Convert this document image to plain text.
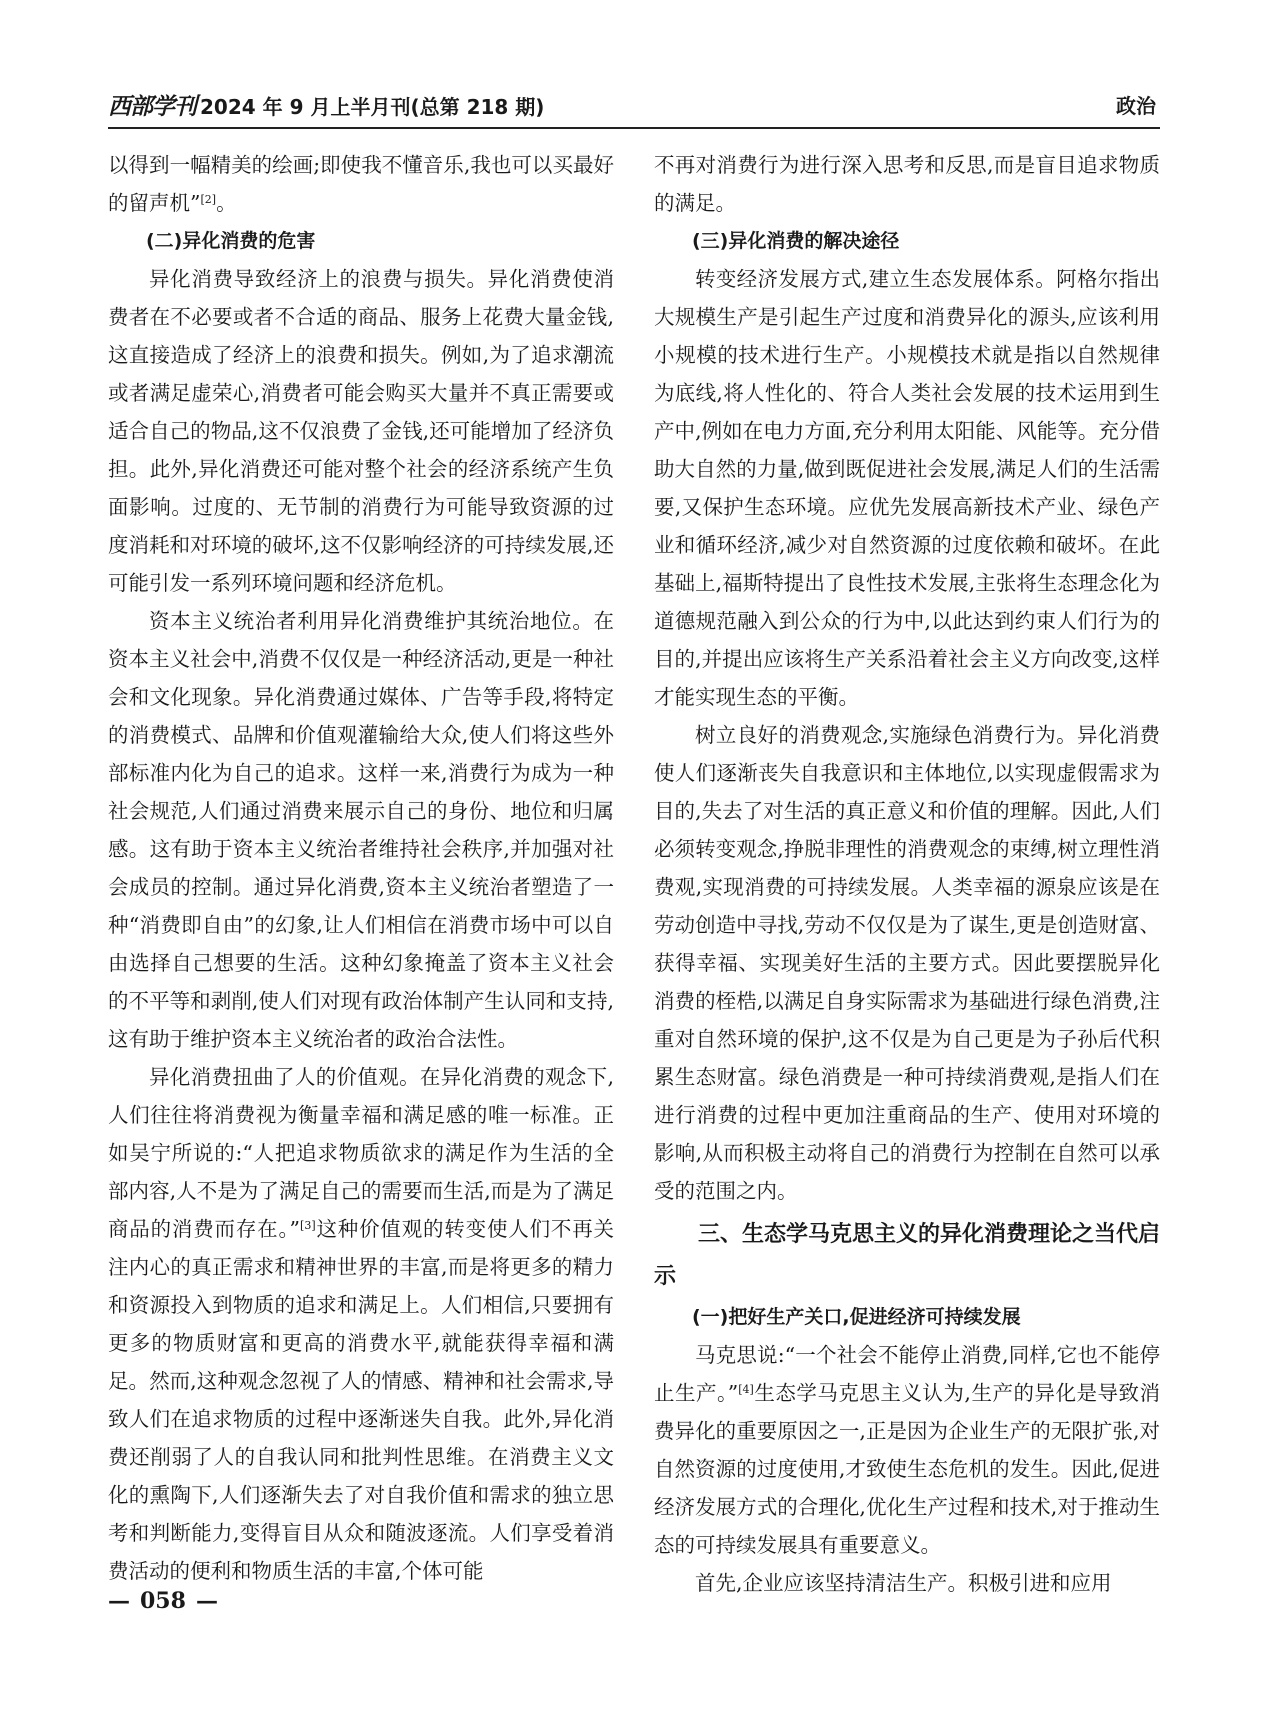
西部学刊 2024 年 9 月上半月刊(总第 218 期)	政治

以得到一幅精美的绘画;即使我不懂音乐,我也可以买最好的留声机”[2]。

(二)异化消费的危害

异化消费导致经济上的浪费与损失。异化消费使消费者在不必要或者不合适的商品、服务上花费大量金钱,这直接造成了经济上的浪费和损失。例如,为了追求潮流或者满足虚荣心,消费者可能会购买大量并不真正需要或适合自己的物品,这不仅浪费了金钱,还可能增加了经济负担。此外,异化消费还可能对整个社会的经济系统产生负面影响。过度的、无节制的消费行为可能导致资源的过度消耗和对环境的破坏,这不仅影响经济的可持续发展,还可能引发一系列环境问题和经济危机。

资本主义统治者利用异化消费维护其统治地位。在资本主义社会中,消费不仅仅是一种经济活动,更是一种社会和文化现象。异化消费通过媒体、广告等手段,将特定的消费模式、品牌和价值观灌输给大众,使人们将这些外部标准内化为自己的追求。这样一来,消费行为成为一种社会规范,人们通过消费来展示自己的身份、地位和归属感。这有助于资本主义统治者维持社会秩序,并加强对社会成员的控制。通过异化消费,资本主义统治者塑造了一种“消费即自由”的幻象,让人们相信在消费市场中可以自由选择自己想要的生活。这种幻象掩盖了资本主义社会的不平等和剥削,使人们对现有政治体制产生认同和支持,这有助于维护资本主义统治者的政治合法性。

异化消费扭曲了人的价值观。在异化消费的观念下,人们往往将消费视为衡量幸福和满足感的唯一标准。正如吴宁所说的:“人把追求物质欲求的满足作为生活的全部内容,人不是为了满足自己的需要而生活,而是为了满足商品的消费而存在。”[3]这种价值观的转变使人们不再关注内心的真正需求和精神世界的丰富,而是将更多的精力和资源投入到物质的追求和满足上。人们相信,只要拥有更多的物质财富和更高的消费水平,就能获得幸福和满足。然而,这种观念忽视了人的情感、精神和社会需求,导致人们在追求物质的过程中逐渐迷失自我。此外,异化消费还削弱了人的自我认同和批判性思维。在消费主义文化的熏陶下,人们逐渐失去了对自我价值和需求的独立思考和判断能力,变得盲目从众和随波逐流。人们享受着消费活动的便利和物质生活的丰富,个体可能

不再对消费行为进行深入思考和反思,而是盲目追求物质的满足。

(三)异化消费的解决途径

转变经济发展方式,建立生态发展体系。阿格尔指出大规模生产是引起生产过度和消费异化的源头,应该利用小规模的技术进行生产。小规模技术就是指以自然规律为底线,将人性化的、符合人类社会发展的技术运用到生产中,例如在电力方面,充分利用太阳能、风能等。充分借助大自然的力量,做到既促进社会发展,满足人们的生活需要,又保护生态环境。应优先发展高新技术产业、绿色产业和循环经济,减少对自然资源的过度依赖和破坏。在此基础上,福斯特提出了良性技术发展,主张将生态理念化为道德规范融入到公众的行为中,以此达到约束人们行为的目的,并提出应该将生产关系沿着社会主义方向改变,这样才能实现生态的平衡。

树立良好的消费观念,实施绿色消费行为。异化消费使人们逐渐丧失自我意识和主体地位,以实现虚假需求为目的,失去了对生活的真正意义和价值的理解。因此,人们必须转变观念,挣脱非理性的消费观念的束缚,树立理性消费观,实现消费的可持续发展。人类幸福的源泉应该是在劳动创造中寻找,劳动不仅仅是为了谋生,更是创造财富、获得幸福、实现美好生活的主要方式。因此要摆脱异化消费的桎梏,以满足自身实际需求为基础进行绿色消费,注重对自然环境的保护,这不仅是为自己更是为子孙后代积累生态财富。绿色消费是一种可持续消费观,是指人们在进行消费的过程中更加注重商品的生产、使用对环境的影响,从而积极主动将自己的消费行为控制在自然可以承受的范围之内。

三、生态学马克思主义的异化消费理论之当代启示
(一)把好生产关口,促进经济可持续发展

马克思说:“一个社会不能停止消费,同样,它也不能停止生产。”[4]生态学马克思主义认为,生产的异化是导致消费异化的重要原因之一,正是因为企业生产的无限扩张,对自然资源的过度使用,才致使生态危机的发生。因此,促进经济发展方式的合理化,优化生产过程和技术,对于推动生态的可持续发展具有重要意义。

首先,企业应该坚持清洁生产。积极引进和应用

— 058 —
